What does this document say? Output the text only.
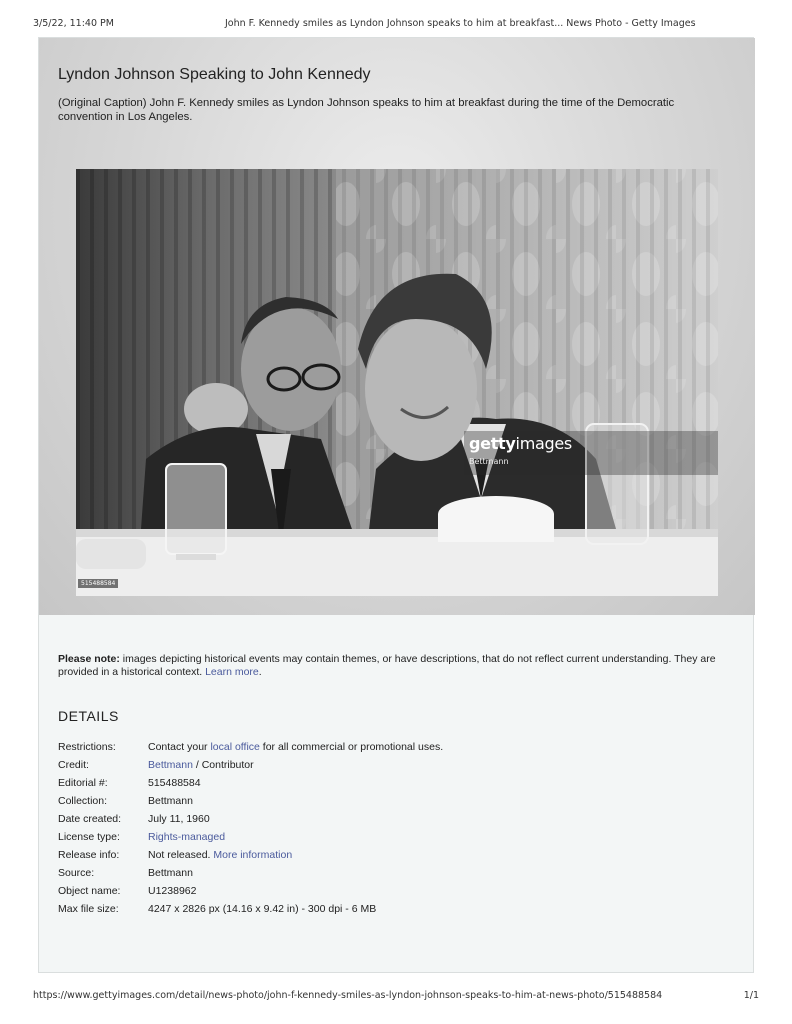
3/5/22, 11:40 PM	John F. Kennedy smiles as Lyndon Johnson speaks to him at breakfast... News Photo - Getty Images
Lyndon Johnson Speaking to John Kennedy

(Original Caption) John F. Kennedy smiles as Lyndon Johnson speaks to him at breakfast during the time of the Democratic convention in Los Angeles.

gettyimages
Bettmann
515488584

Please note: images depicting historical events may contain themes, or have descriptions, that do not reflect current understanding. They are provided in a historical context. Learn more.

DETAILS
Restrictions:	Contact your local office for all commercial or promotional uses.
Credit:	Bettmann / Contributor
Editorial #:	515488584
Collection:	Bettmann
Date created:	July 11, 1960
License type:	Rights-managed
Release info:	Not released. More information
Source:	Bettmann
Object name:	U1238962
Max file size:	4247 x 2826 px (14.16 x 9.42 in) - 300 dpi - 6 MB
https://www.gettyimages.com/detail/news-photo/john-f-kennedy-smiles-as-lyndon-johnson-speaks-to-him-at-news-photo/515488584	1/1
